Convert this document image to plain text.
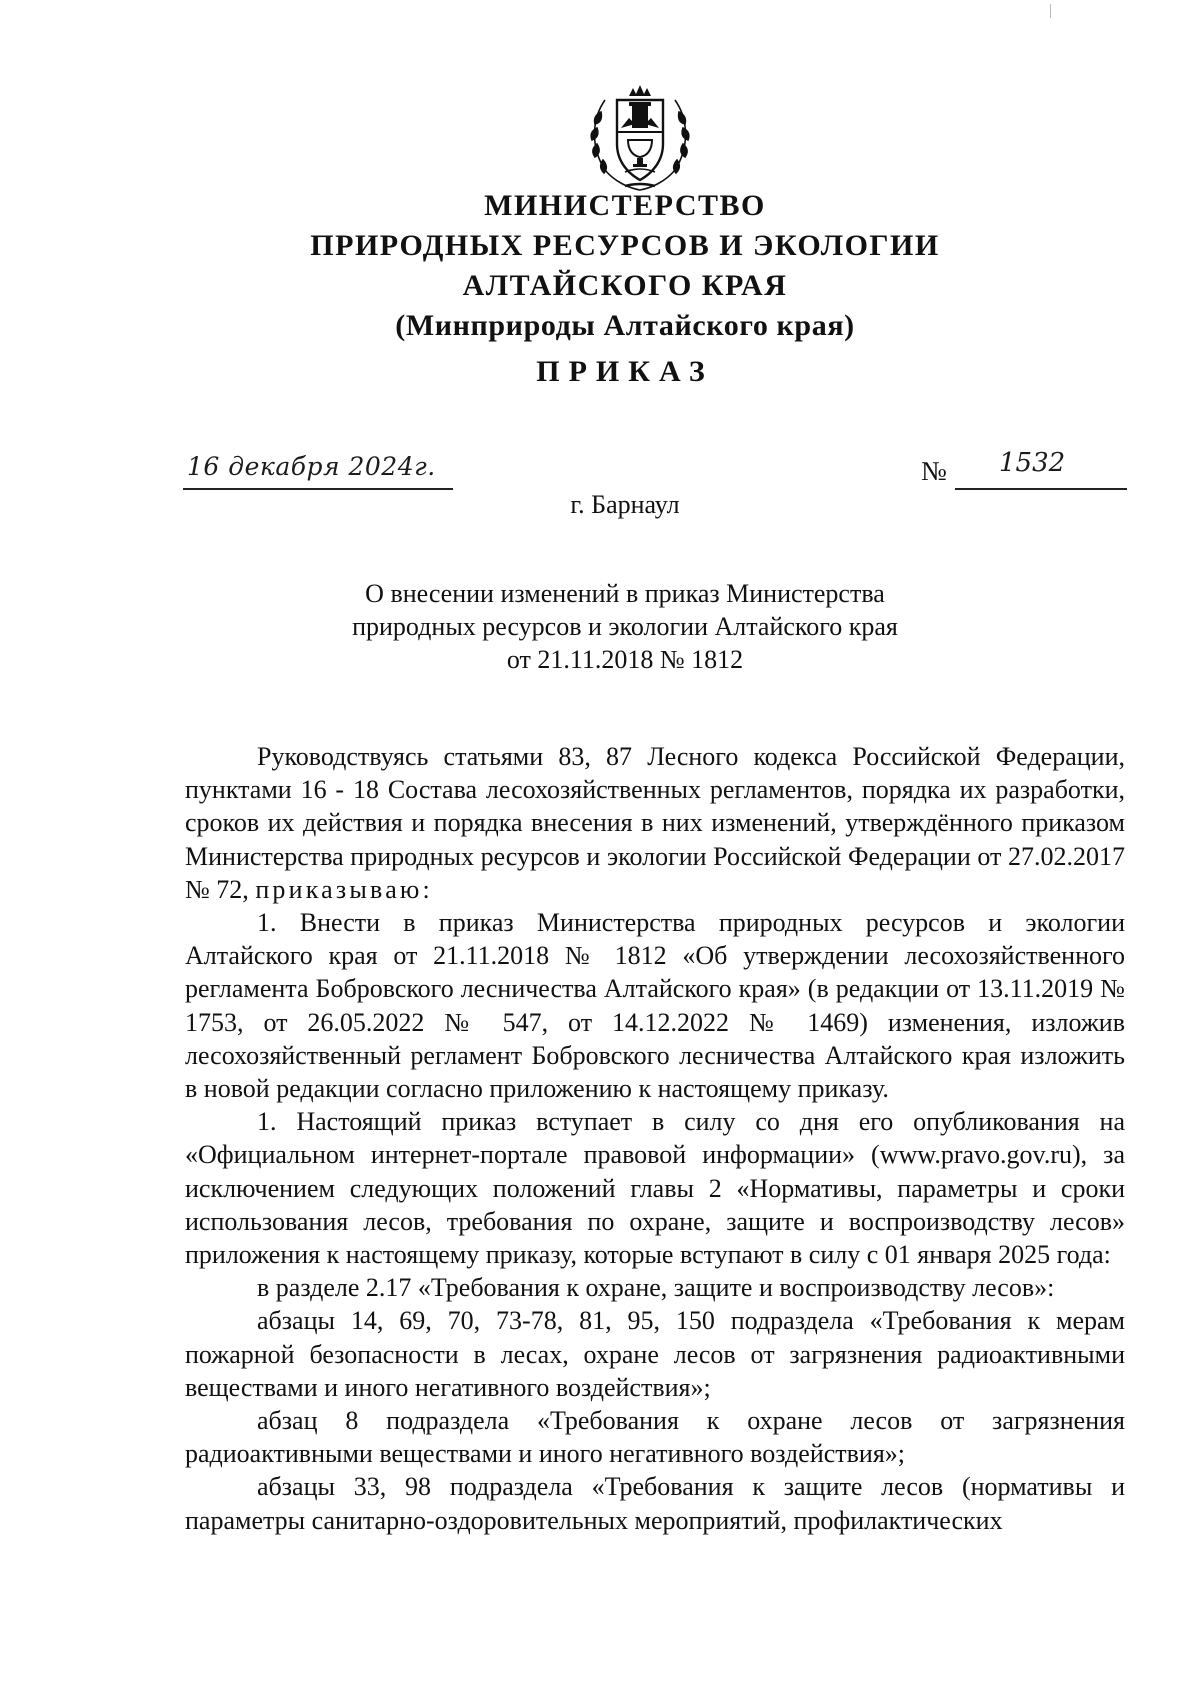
МИНИСТЕРСТВО
ПРИРОДНЫХ РЕСУРСОВ И ЭКОЛОГИИ
АЛТАЙСКОГО КРАЯ
(Минприроды Алтайского края)
ПРИКАЗ
16 декабря 2024г.	№ 1532
г. Барнаул
О внесении изменений в приказ Министерства
природных ресурсов и экологии Алтайского края
от 21.11.2018 № 1812

Руководствуясь статьями 83, 87 Лесного кодекса Российской Федерации, пунктами 16 - 18 Состава лесохозяйственных регламентов, порядка их разработки, сроков их действия и порядка внесения в них изменений, утверждённого приказом Министерства природных ресурсов и экологии Российской Федерации от 27.02.2017 № 72, приказываю:

1. Внести в приказ Министерства природных ресурсов и экологии Алтайского края от 21.11.2018 № 1812 «Об утверждении лесохозяйственного регламента Бобровского лесничества Алтайского края» (в редакции от 13.11.2019 № 1753, от 26.05.2022 № 547, от 14.12.2022 № 1469) изменения, изложив лесохозяйственный регламент Бобровского лесничества Алтайского края изложить в новой редакции согласно приложению к настоящему приказу.

1. Настоящий приказ вступает в силу со дня его опубликования на «Официальном интернет-портале правовой информации» (www.pravo.gov.ru), за исключением следующих положений главы 2 «Нормативы, параметры и сроки использования лесов, требования по охране, защите и воспроизводству лесов» приложения к настоящему приказу, которые вступают в силу с 01 января 2025 года:

в разделе 2.17 «Требования к охране, защите и воспроизводству лесов»:

абзацы 14, 69, 70, 73-78, 81, 95, 150 подраздела «Требования к мерам пожарной безопасности в лесах, охране лесов от загрязнения радиоактивными веществами и иного негативного воздействия»;

абзац 8 подраздела «Требования к охране лесов от загрязнения радиоактивными веществами и иного негативного воздействия»;

абзацы 33, 98 подраздела «Требования к защите лесов (нормативы и параметры санитарно-оздоровительных мероприятий, профилактических
